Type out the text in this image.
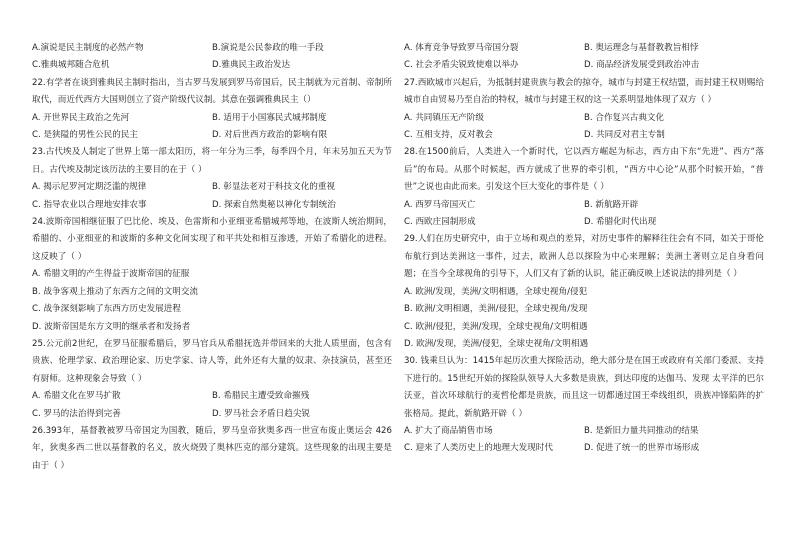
A.演说是民主制度的必然产物	B.演说是公民参政的唯一手段
C.雅典城邦随合危机	D.雅典民主政治发达
22.有学者在谈到雅典民主制时指出，当古罗马发展到罗马帝国后，民主制就为元首制、帝制所取代，而近代西方大国则创立了资产阶级代议制。其意在强调雅典民主（）
A. 开世界民主政治之先河	B. 适用于小国寡民式城邦制度
C. 是狭隘的男性公民的民主	D. 对后世西方政治的影响有限
23.古代埃及人制定了世界上第一部太阳历，将一年分为三季，每季四个月，年末另加五天为节日。古代埃及制定该历法的主要目的在于（ ）
A. 揭示尼罗河定期泛滥的规律	B. 彰显法老对于科技文化的重视
C. 指导农业以合理地安排农事	D. 探索自然奥秘以神化专制统治
24.波斯帝国相继征服了巴比伦、埃及、色雷斯和小亚细亚希腊城邦等地，在波斯人统治期间，希腊的、小亚细亚的和波斯的多种文化间实现了和平共处和相互渗透，开始了希腊化的进程。这反映了（ ）
A. 希腊文明的产生得益于波斯帝国的征服
B. 战争客观上推动了东西方之间的文明交流
C. 战争深刻影响了东西方历史发展进程
D. 波斯帝国是东方文明的继承者和发扬者
25.公元前2世纪，在罗马征服希腊后，罗马官兵从希腊抚选并带回来的大批人质里面，包含有贵族、伦理学家、政治理论家、历史学家、诗人等，此外还有大量的奴隶、杂技演员，甚至还有厨师。这种现象会导致（ ）
A. 希腊文化在罗马扩散	B. 希腊民主遭受致命摧残
C. 罗马的法治得到完善	D. 罗马社会矛盾日趋尖锐
26.393年，基督教被罗马帝国定为国教，随后，罗马皇帝狄奥多西一世宣布废止奥运会 426年，狄奥多西二世以基督教的名义，放火烧毁了奥林匹克的部分建筑。这些现象的出现主要是由于（ ）
A. 体育竞争导致罗马帝国分裂	B. 奥运理念与基督教教旨相悖
C. 社会矛盾尖锐致使难以举办	D. 商品经济发展受到政治冲击
27.西欧城市兴起后，为抵制封建贵族与教会的掠夺，城市与封建王权结盟，而封建王权则赐给城市自由贸易乃至自治的特权，城市与封建王权的这一关系明显地体现了双方（ ）
A. 共同镇压无产阶级	B. 合作复兴古典文化
C. 互相支持，反对教会	D. 共同反对君主专制
28.在1500前后，人类进入一个新时代，它以西方崛起为标志，西方由下东“先进”、西方“落后”的布局。从那个时候起，西方就成了世界的牵引机，“西方中心论”从那个时候开始，“普世”之说也由此而来。引发这个巨大变化的事件是（ ）
A. 西罗马帝国灭亡	B. 新航路开辟
C. 西欧庄园制形成	D. 希腊化时代出现
29.人们在历史研究中，由于立场和观点的差异，对历史事件的解释往往会有不同，如关于哥伦布航行到达美洲这一事件，过去，欧洲人总以探险为中心来理解；美洲土著则立足自身看问题；在当今全球视角的引导下，人们又有了新的认识，能正确反映上述说法的排列是（ ）
A. 欧洲/发现，美洲/文明相遇，全球史视角/侵犯
B. 欧洲/文明相遇，美洲/侵犯，全球史视角/发现
C. 欧洲/侵犯，美洲/发现，全球史视角/文明相遇
D. 欧洲/发现，美洲/侵犯，全球史视角/文明相遇
30. 钱乘旦认为：1415年起历次重大探险活动，绝大部分是在国王或政府有关部门委派、支持下进行的。15世纪开始的探险队领导人大多数是贵族，到达印度的达伽马、发现 太平洋的巴尔沃亚，首次环球航行的麦哲伦都是贵族，而且这一切都通过国王牵线组织，贵族冲锋陷阵的扩张格局。提此，新航路开辟（ ）
A. 扩大了商品销售市场	B. 是新旧力量共同推动的结果
C. 迎来了人类历史上的地理大发现时代	D. 促进了统一的世界市场形成
